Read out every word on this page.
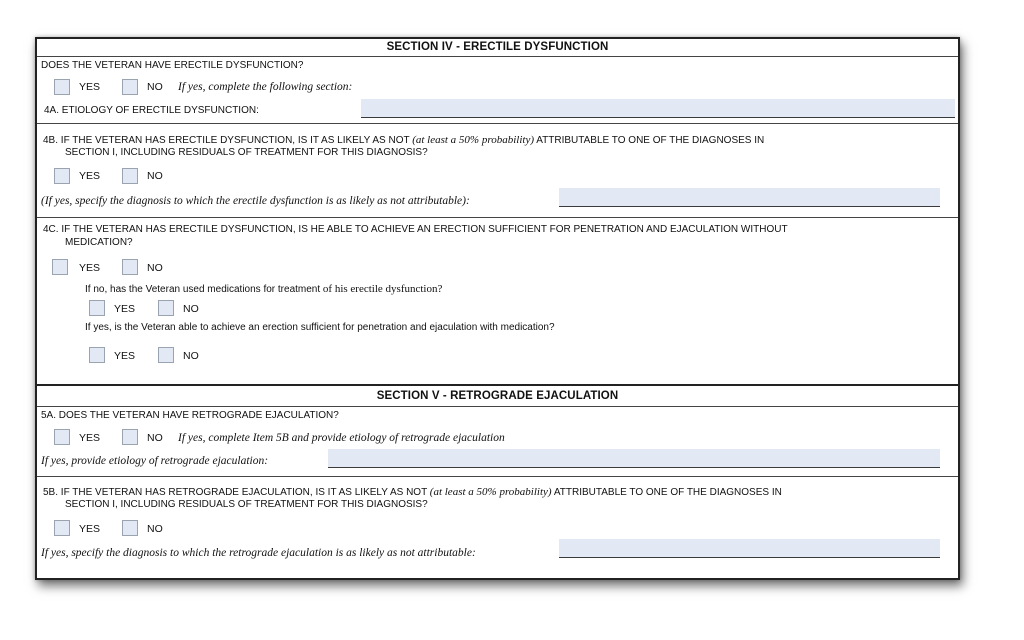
SECTION IV - ERECTILE DYSFUNCTION
DOES THE VETERAN HAVE ERECTILE DYSFUNCTION?
YES	NO If yes, complete the following section:
4A. ETIOLOGY OF ERECTILE DYSFUNCTION:
4B. IF THE VETERAN HAS ERECTILE DYSFUNCTION, IS IT AS LIKELY AS NOT (at least a 50% probability) ATTRIBUTABLE TO ONE OF THE DIAGNOSES IN
SECTION I, INCLUDING RESIDUALS OF TREATMENT FOR THIS DIAGNOSIS?
YES	NO
(If yes, specify the diagnosis to which the erectile dysfunction is as likely as not attributable):
4C. IF THE VETERAN HAS ERECTILE DYSFUNCTION, IS HE ABLE TO ACHIEVE AN ERECTION SUFFICIENT FOR PENETRATION AND EJACULATION WITHOUT
MEDICATION?
YES	NO
If no, has the Veteran used medications for treatment of his erectile dysfunction?
YES	NO
If yes, is the Veteran able to achieve an erection sufficient for penetration and ejaculation with medication?
YES	NO
SECTION V - RETROGRADE EJACULATION
5A. DOES THE VETERAN HAVE RETROGRADE EJACULATION?
YES	NO If yes, complete Item 5B and provide etiology of retrograde ejaculation
If yes, provide etiology of retrograde ejaculation:
5B. IF THE VETERAN HAS RETROGRADE EJACULATION, IS IT AS LIKELY AS NOT (at least a 50% probability) ATTRIBUTABLE TO ONE OF THE DIAGNOSES IN
SECTION I, INCLUDING RESIDUALS OF TREATMENT FOR THIS DIAGNOSIS?
YES	NO
If yes, specify the diagnosis to which the retrograde ejaculation is as likely as not attributable:
